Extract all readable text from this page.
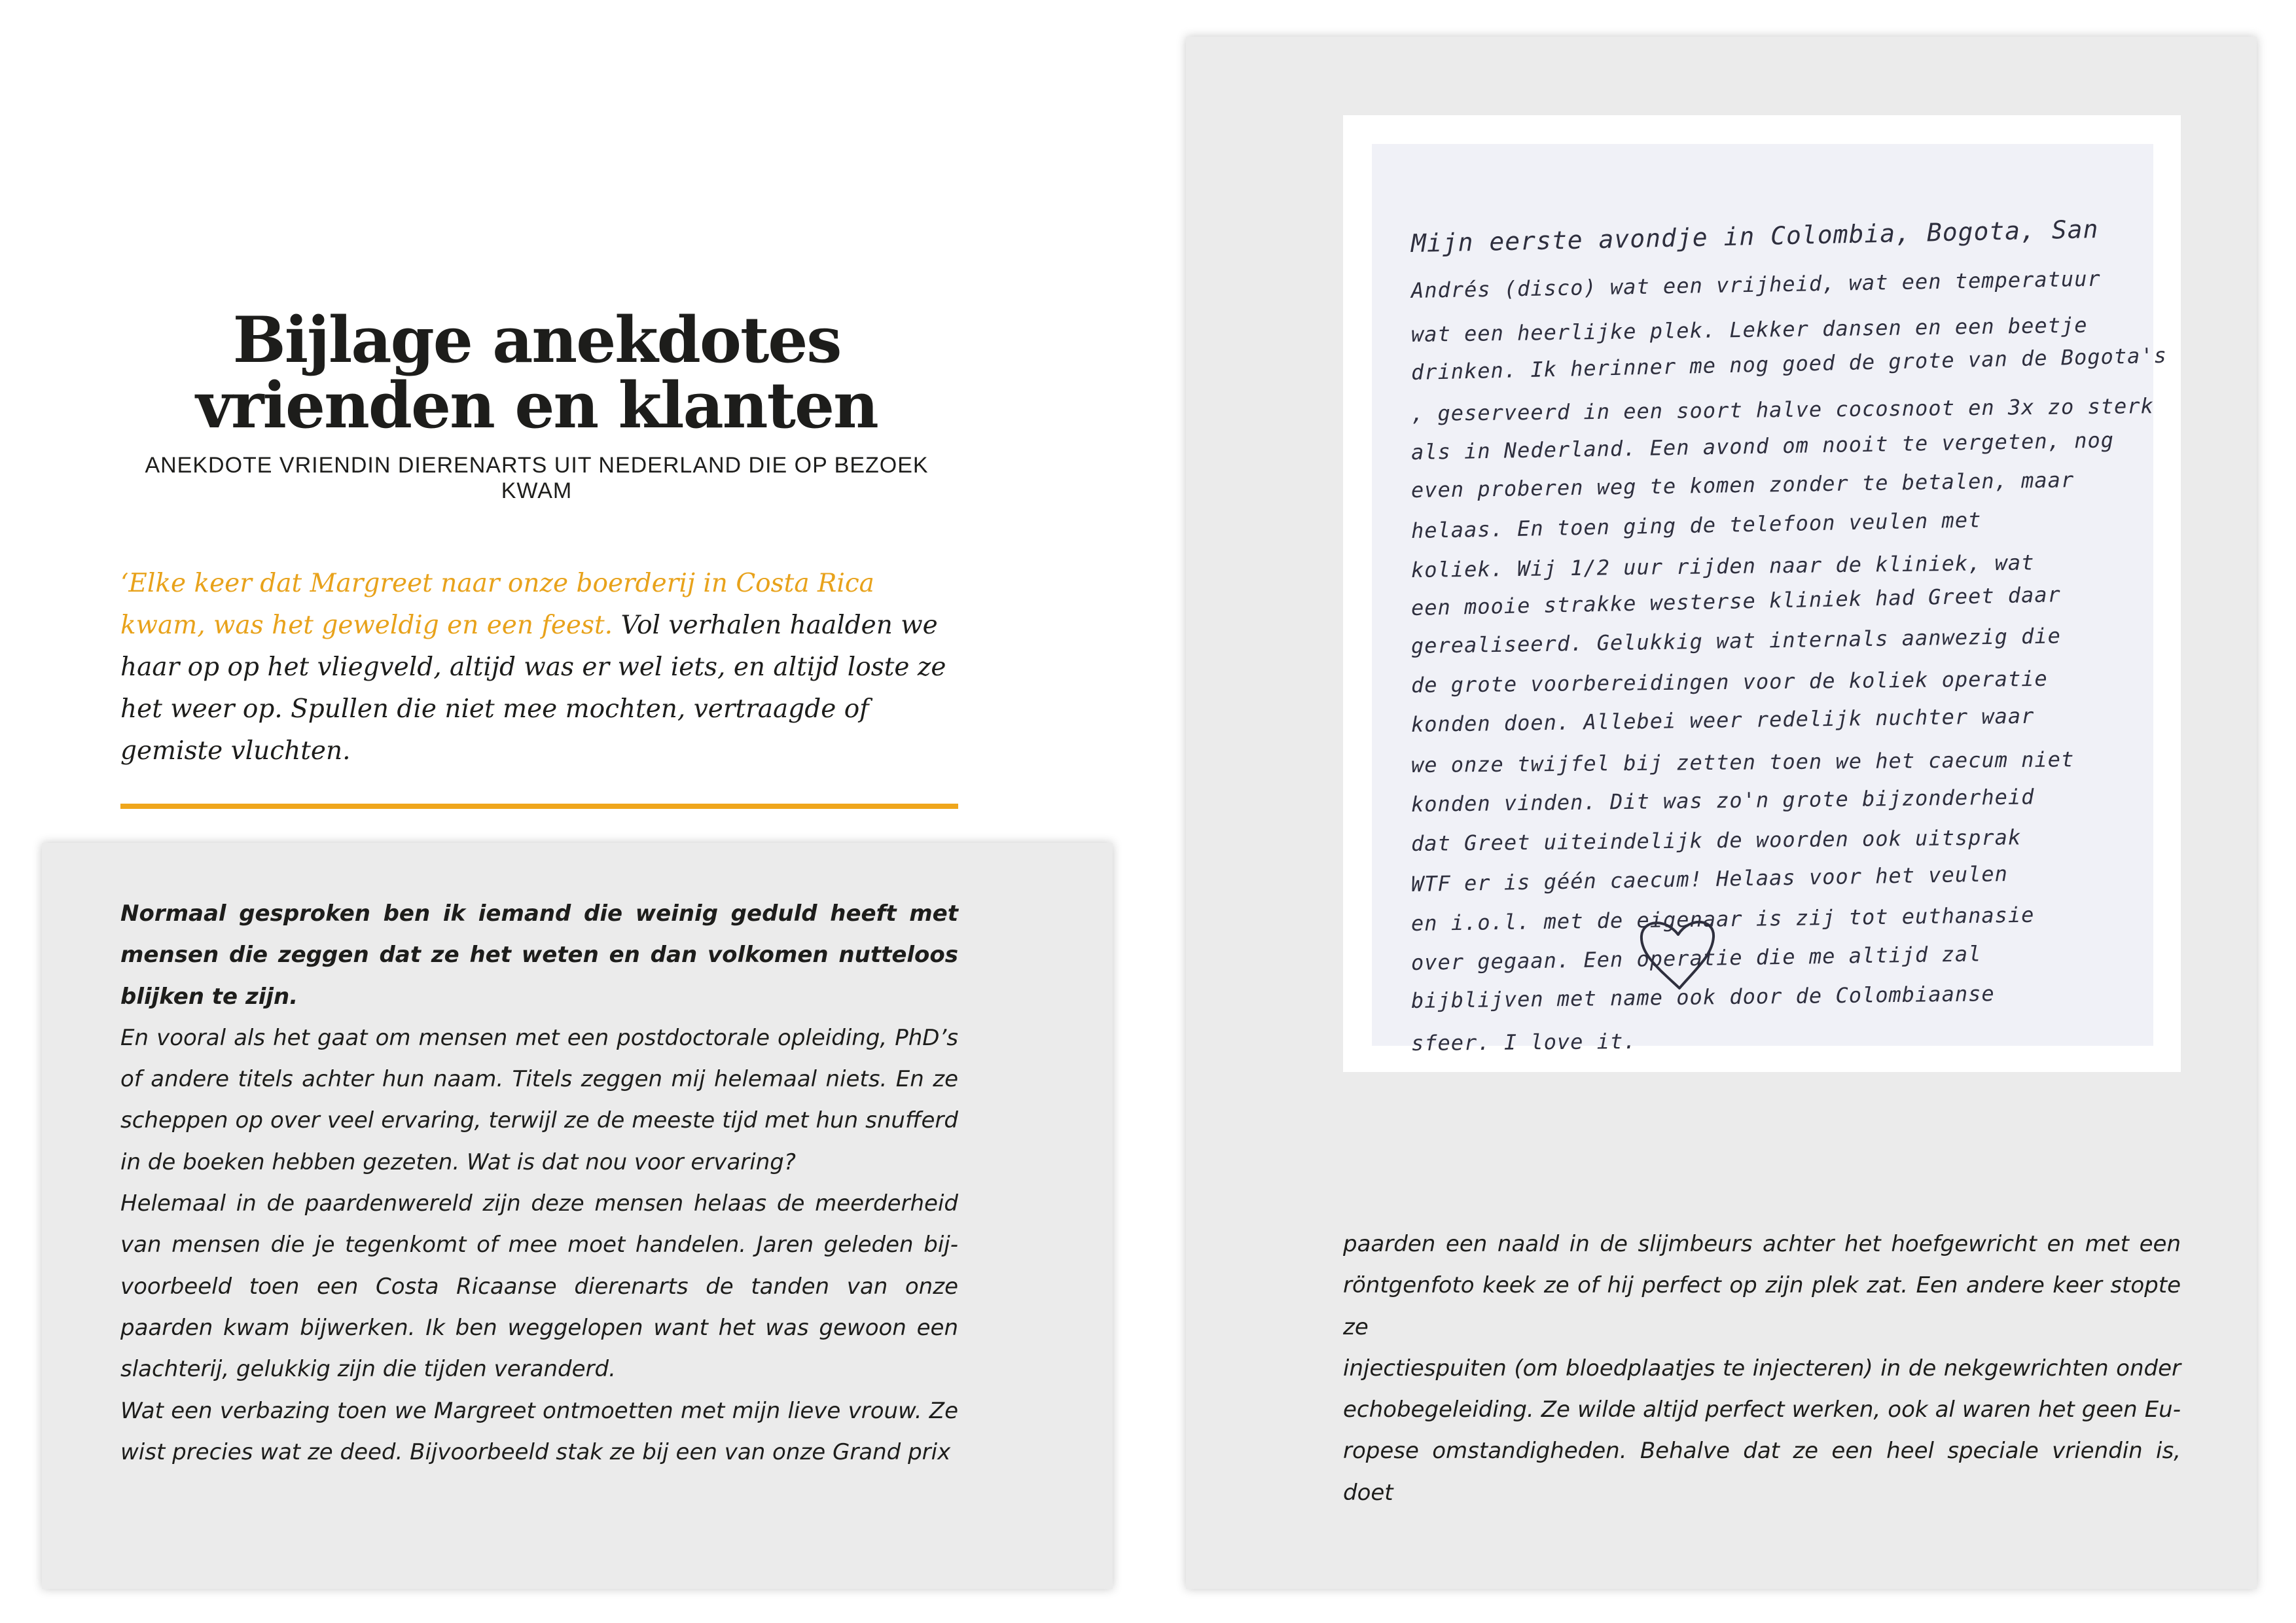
Bijlage anekdotes
vrienden en klanten
ANEKDOTE VRIENDIN DIERENARTS UIT NEDERLAND DIE OP BEZOEK KWAM
‘Elke keer dat Margreet naar onze boerderij in Costa Rica kwam, was het geweldig en een feest. Vol verhalen haalden we haar op op het vliegveld, altijd was er wel iets, en altijd loste ze het weer op. Spullen die niet mee mochten, vertraagde of gemiste vluchten.

Normaal gesproken ben ik iemand die weinig geduld heeft met mensen die zeggen dat ze het weten en dan volkomen nutteloos blijken te zijn.

En vooral als het gaat om mensen met een postdoctorale opleiding, PhD’s of andere titels achter hun naam. Titels zeggen mij helemaal niets. En ze scheppen op over veel ervaring, terwijl ze de meeste tijd met hun snufferd in de boeken hebben gezeten. Wat is dat nou voor ervaring?

Helemaal in de paardenwereld zijn deze mensen helaas de meerderheid van mensen die je tegenkomt of mee moet handelen. Jaren geleden bij-voorbeeld toen een Costa Ricaanse dierenarts de tanden van onze paarden kwam bijwerken. Ik ben weggelopen want het was gewoon een slachterij, gelukkig zijn die tijden veranderd.

Wat een verbazing toen we Margreet ontmoetten met mijn lieve vrouw. Ze wist precies wat ze deed. Bijvoorbeeld stak ze bij een van onze Grand prix

Mijn eerste avondje in Colombia, Bogota, San
Andrés (disco) wat een vrijheid, wat een temperatuur
wat een heerlijke plek. Lekker dansen en een beetje
drinken. Ik herinner me nog goed de grote van de Bogota's
, geserveerd in een soort halve cocosnoot en 3x zo sterk
als in Nederland. Een avond om nooit te vergeten, nog
even proberen weg te komen zonder te betalen, maar
helaas. En toen ging de telefoon veulen met
koliek. Wij 1/2 uur rijden naar de kliniek, wat
een mooie strakke westerse kliniek had Greet daar
gerealiseerd. Gelukkig wat internals aanwezig die
de grote voorbereidingen voor de koliek operatie
konden doen. Allebei weer redelijk nuchter waar
we onze twijfel bij zetten toen we het caecum niet
konden vinden. Dit was zo'n grote bijzonderheid
dat Greet uiteindelijk de woorden ook uitsprak
WTF er is géén caecum! Helaas voor het veulen
en i.o.l. met de eigenaar is zij tot euthanasie
over gegaan. Een operatie die me altijd zal
bijblijven met name ook door de Colombiaanse
sfeer. I love it.
paarden een naald in de slijmbeurs achter het hoefgewricht en met een
röntgenfoto keek ze of hij perfect op zijn plek zat. Een andere keer stopte ze
injectiespuiten (om bloedplaatjes te injecteren) in de nekgewrichten onder
echobegeleiding. Ze wilde altijd perfect werken, ook al waren het geen Eu-
ropese omstandigheden. Behalve dat ze een heel speciale vriendin is, doet
